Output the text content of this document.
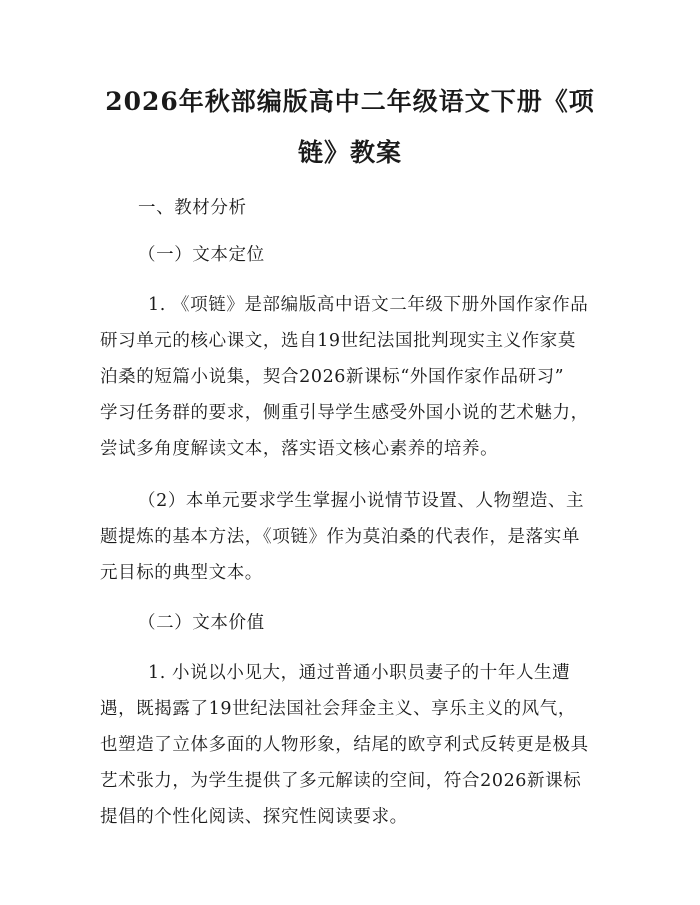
2026年秋部编版高中二年级语文下册《项
链》教案

一、教材分析

（一）文本定位

1. 《项链》是部编版高中语文二年级下册外国作家作品

研习单元的核心课文，选自19世纪法国批判现实主义作家莫

泊桑的短篇小说集，契合2026新课标“外国作家作品研习”

学习任务群的要求，侧重引导学生感受外国小说的艺术魅力，

尝试多角度解读文本，落实语文核心素养的培养。

（2）本单元要求学生掌握小说情节设置、人物塑造、主

题提炼的基本方法，《项链》作为莫泊桑的代表作，是落实单

元目标的典型文本。

（二）文本价值

1. 小说以小见大，通过普通小职员妻子的十年人生遭

遇，既揭露了19世纪法国社会拜金主义、享乐主义的风气，

也塑造了立体多面的人物形象，结尾的欧亨利式反转更是极具

艺术张力，为学生提供了多元解读的空间，符合2026新课标

提倡的个性化阅读、探究性阅读要求。
